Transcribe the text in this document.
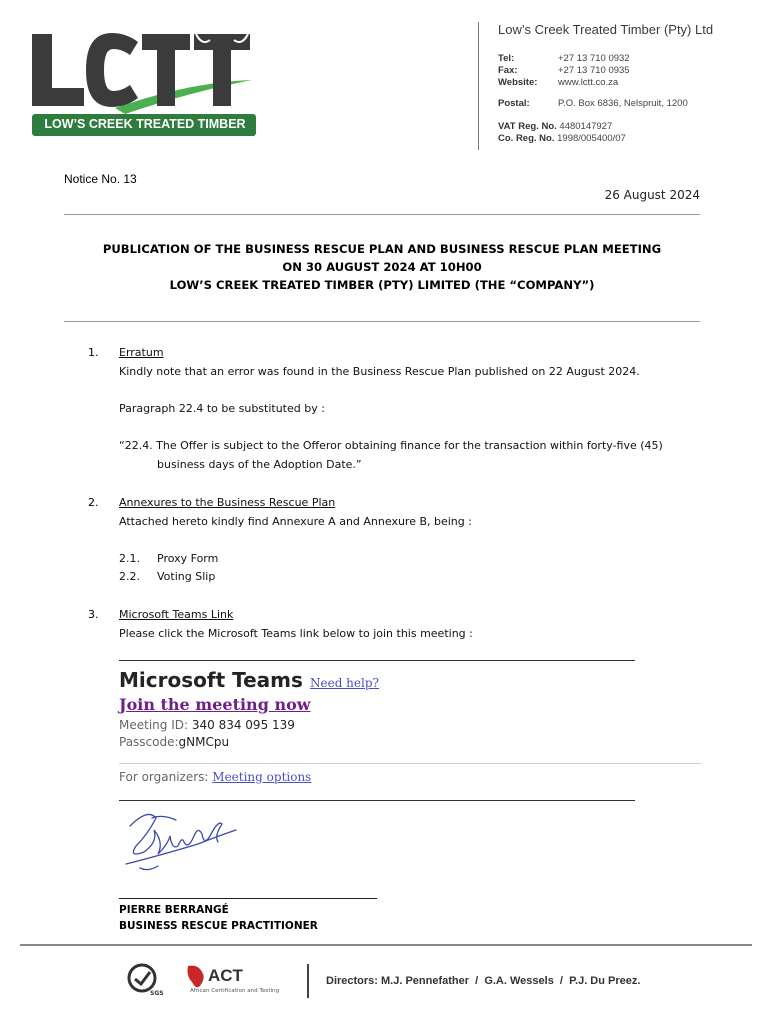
LOW’S CREEK TREATED TIMBER
Low’s Creek Treated Timber (Pty) Ltd
Tel:	+27 13 710 0932
Fax:	+27 13 710 0935
Website: www.lctt.co.za
Postal:	P.O. Box 6836, Nelspruit, 1200
VAT Reg. No. 4480147927
Co. Reg. No. 1998/005400/07
Notice No. 13
26 August 2024
PUBLICATION OF THE BUSINESS RESCUE PLAN AND BUSINESS RESCUE PLAN MEETING
ON 30 AUGUST 2024 AT 10H00
LOW’S CREEK TREATED TIMBER (PTY) LIMITED (THE “COMPANY”)
1. Erratum
Kindly note that an error was found in the Business Rescue Plan published on 22 August 2024.
Paragraph 22.4 to be substituted by :
“22.4. The Offer is subject to the Offeror obtaining finance for the transaction within forty-five (45)
business days of the Adoption Date.”
2. Annexures to the Business Rescue Plan
Attached hereto kindly find Annexure A and Annexure B, being :
2.1. Proxy Form
2.2. Voting Slip
3. Microsoft Teams Link
Please click the Microsoft Teams link below to join this meeting :
Microsoft Teams Need help?
Join the meeting now
Meeting ID: 340 834 095 139
Passcode:gNMCpu
For organizers: Meeting options
PIERRE BERRANGÉ
BUSINESS RESCUE PRACTITIONER
SGS
ACT
African Certification and Testing
Directors: M.J. Pennefather  /  G.A. Wessels  /  P.J. Du Preez.
